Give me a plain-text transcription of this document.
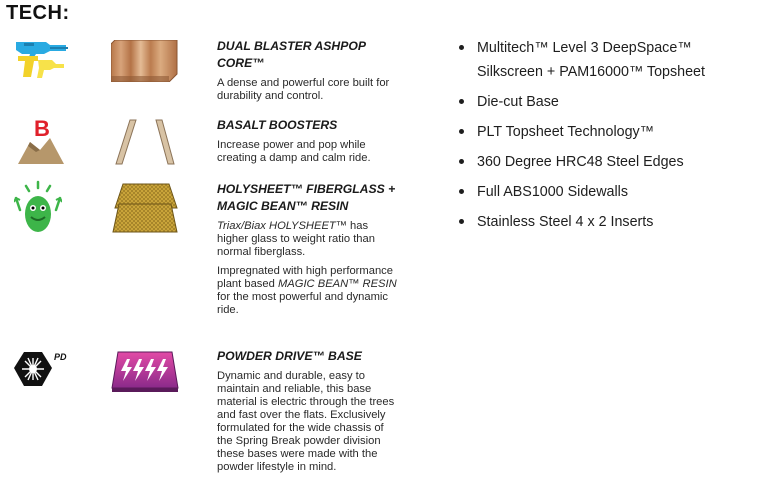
TECH:

DUAL BLASTER ASHPOP CORE™

A dense and powerful core built for durability and control.

B	BASALT BOOSTERS

Increase power and pop while creating a damp and calm ride.

HOLYSHEET™ FIBERGLASS + MAGIC BEAN™ RESIN

Triax/Biax HOLYSHEET™ has higher glass to weight ratio than normal fiberglass.

Impregnated with high performance plant based MAGIC BEAN™ RESIN for the most powerful and dynamic ride.

PD	POWDER DRIVE™ BASE

Dynamic and durable, easy to maintain and reliable, this base material is electric through the trees and fast over the flats. Exclusively formulated for the wide chassis of the Spring Break powder division these bases were made with the powder lifestyle in mind.

Multitech™ Level 3 DeepSpace™ Silkscreen + PAM16000™ Topsheet
Die-cut Base
PLT Topsheet Technology™
360 Degree HRC48 Steel Edges
Full ABS1000 Sidewalls
Stainless Steel 4 x 2 Inserts
